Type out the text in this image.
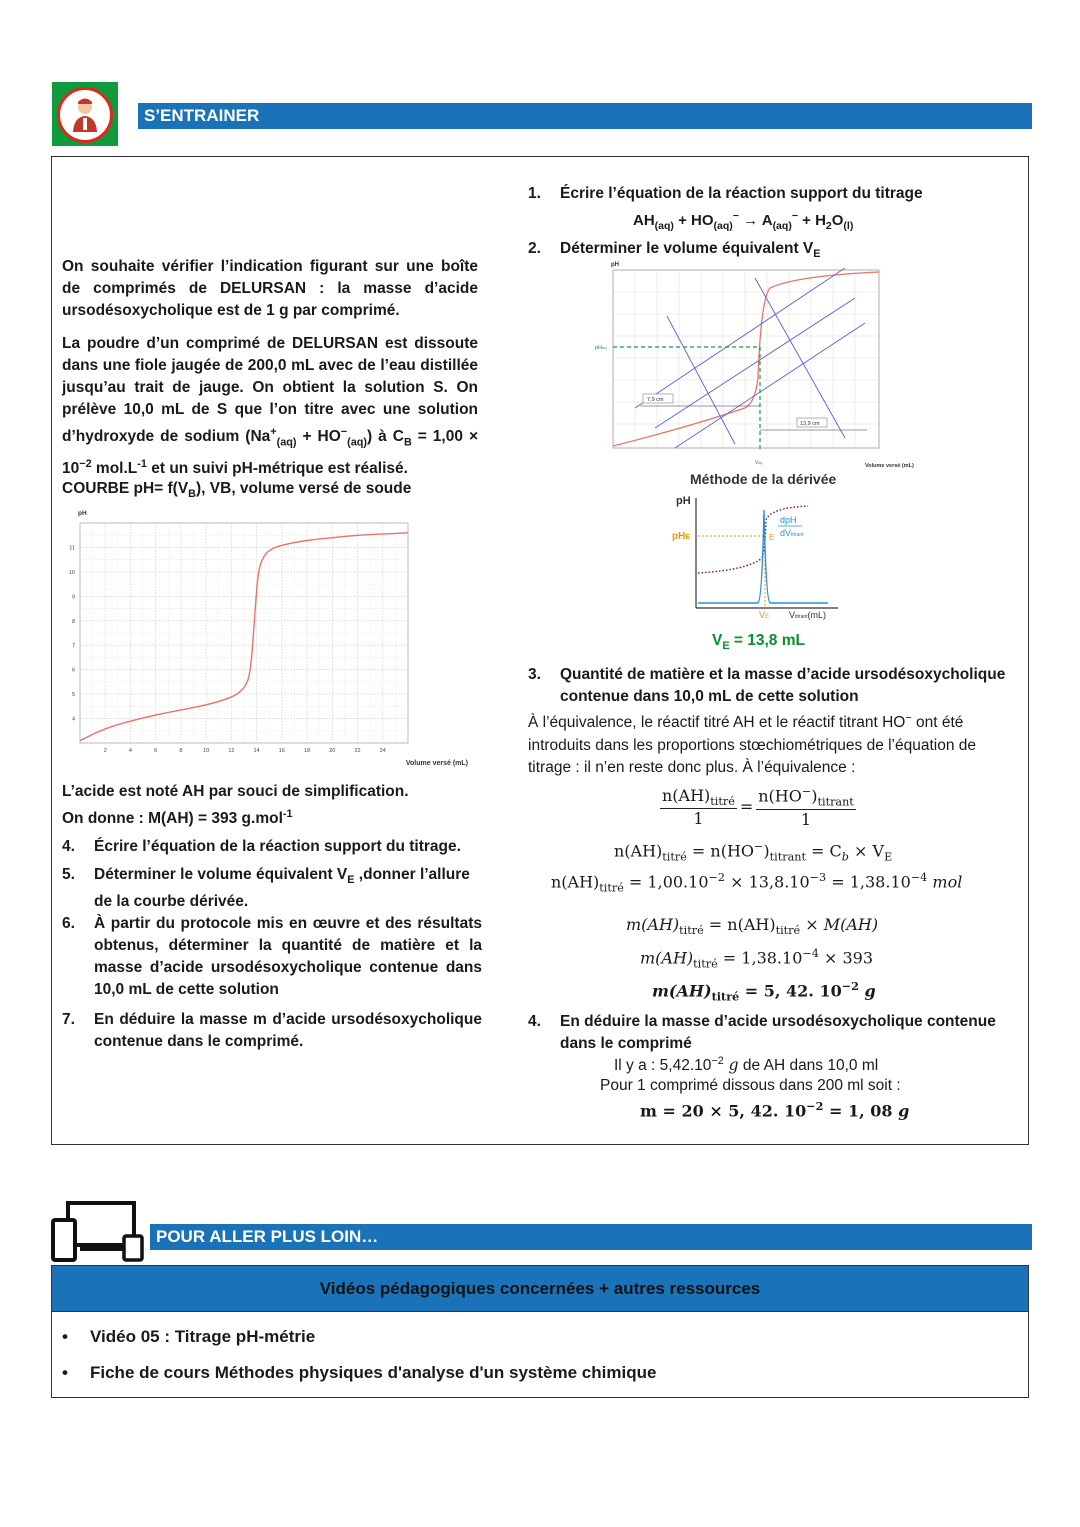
S’ENTRAINER

On souhaite vérifier l’indication figurant sur une boîte de comprimés de DELURSAN : la masse d’acide ursodésoxycholique est de 1 g par comprimé.

La poudre d’un comprimé de DELURSAN est dissoute dans une fiole jaugée de 200,0 mL avec de l’eau distillée jusqu’au trait de jauge. On obtient la solution S. On prélève 10,0 mL de S que l’on titre avec une solution d’hydroxyde de sodium $(Na^+_{(aq)} + HO^-_{(aq)})$ à $C_B = 1,00 \times 10^{-2}$ $mol.L^{-1}$ et un suivi pH-métrique est réalisé.

COURBE $pH= f(V_B)$, VB, volume versé de soude

2	4	6	8	10	12	14	16	18	20	22	24
4
5
6
7
8
9
10
11
pH
Volume versé (mL)

L’acide est noté AH par souci de simplification.

On donne : M(AH) = 393 g.mol$^{-1}$

4.	Écrire l’équation de la réaction support du titrage.
5.	Déterminer le volume équivalent $V_E$ ,donner l’allure de la courbe dérivée.
6.	À partir du protocole mis en œuvre et des résultats obtenus, déterminer la quantité de matière et la masse d’acide ursodésoxycholique contenue dans 10,0 mL de cette solution
7.	En déduire la masse m d’acide ursodésoxycholique contenue dans le comprimé.
1.	Écrire l’équation de la réaction support du titrage
$AH_{(aq)} + HO_{(aq)}^- \to A_{(aq)}^- + H_2O_{(l)}$
2.	Déterminer le volume équivalent $V_E$
pH
pHeq
7,9 cm
13,9 cm
Veq	Volume versé (mL)

Méthode de la dérivée

pH
pHE
dpH
dVtitrant
E
VE Vtitrant(mL)

$V_E = 13,8$ mL

3.	Quantité de matière et la masse d’acide ursodésoxycholique contenue dans 10,0 mL de cette solution

À l’équivalence, le réactif titré AH et le réactif titrant HO− ont été introduits dans les proportions stœchiométriques de l’équation de titrage : il n’en reste donc plus. À l’équivalence :

$n(AH)_{titré}$
1
=
$n(HO^-)_{titrant}$
1

$n(AH)_{titré} = n(HO^-)_{titrant} = C_b \times V_E$

$n(AH)_{titré} = 1,00.10^{-2} \times 13,8.10^{-3} = 1,38.10^{-4}$ mol

$m(AH)_{titré} = n(AH)_{titré} \times M(AH)$

$m(AH)_{titré} = 1,38.10^{-4} \times 393$

$m(AH)_{titré} = 5$, 42. $10^{-2}$ g

4.	En déduire la masse d’acide ursodésoxycholique contenue dans le comprimé

Il y a : $5,42.10^{-2}$ g de AH dans 10,0 ml

Pour 1 comprimé dissous dans 200 ml soit :

m = 20 × 5, 42. $10^{-2} = 1$, 08 g

POUR ALLER PLUS LOIN…
Vidéos pédagogiques concernées + autres ressources
•	Vidéo 05 : Titrage pH-métrie
•	Fiche de cours Méthodes physiques d'analyse d'un système chimique
